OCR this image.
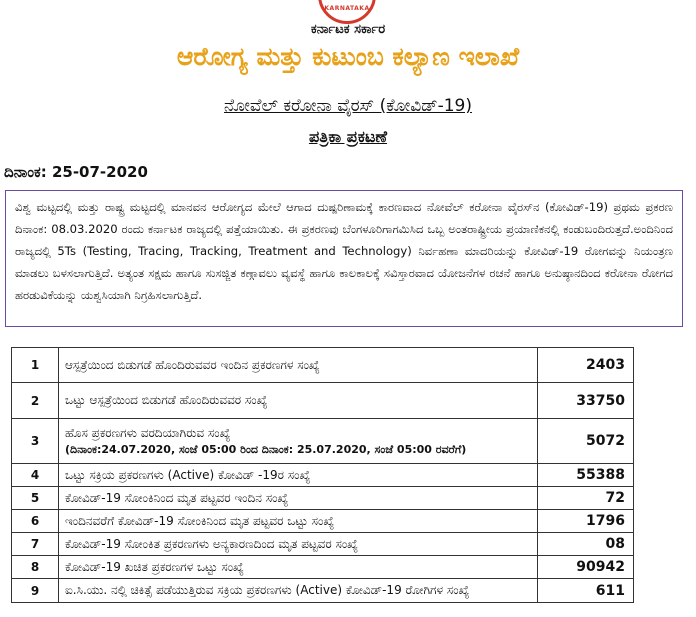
KARNATAKA
ಕರ್ನಾಟಕ ಸರ್ಕಾರ
ಆರೋಗ್ಯ ಮತ್ತು ಕುಟುಂಬ ಕಲ್ಯಾಣ ಇಲಾಖೆ
ನೋವೆಲ್ ಕರೋನಾ ವೈರಸ್ (ಕೋವಿಡ್-19)
ಪತ್ರಿಕಾ ಪ್ರಕಟಣೆ
ದಿನಾಂಕ: 25-07-2020
ವಿಶ್ವ ಮಟ್ಟದಲ್ಲಿ ಮತ್ತು ರಾಷ್ಟ್ರ ಮಟ್ಟದಲ್ಲಿ ಮಾನವನ ಆರೋಗ್ಯದ ಮೇಲೆ ಆಗಾದ ದುಷ್ಪರಿಣಾಮಕ್ಕೆ ಕಾರಣವಾದ ನೋವೆಲ್ ಕರೋನಾ ವೈರಸ್‌ನ (ಕೋವಿಡ್-19) ಪ್ರಥಮ ಪ್ರಕರಣ ದಿನಾಂಕ: 08.03.2020 ರಂದು ಕರ್ನಾಟಕ ರಾಜ್ಯದಲ್ಲಿ ಪತ್ತೆಯಾಯಿತು. ಈ ಪ್ರಕರಣವು ಬೆಂಗಳೂರಿಗಾಗಮಿಸಿದ ಒಬ್ಬ ಅಂತರಾಷ್ಟ್ರೀಯ ಪ್ರಯಾಣಿಕನಲ್ಲಿ ಕಂಡುಬಂದಿರುತ್ತದೆ.ಅಂದಿನಿಂದ ರಾಜ್ಯದಲ್ಲಿ 5Ts (Testing, Tracing, Tracking, Treatment and Technology) ನಿರ್ವಹಣಾ ಮಾದರಿಯನ್ನು ಕೋವಿಡ್-19 ರೋಗವನ್ನು ನಿಯಂತ್ರಣ ಮಾಡಲು ಬಳಸಲಾಗುತ್ತಿದೆ. ಅತ್ಯಂತ ಸಕ್ಷಮ ಹಾಗೂ ಸುಸಜ್ಜಿತ ಕಣ್ಗಾವಲು ವ್ಯವಸ್ಥೆ ಹಾಗೂ ಕಾಲಕಾಲಕ್ಕೆ ಸವಿಸ್ತಾರವಾದ ಯೋಜನೆಗಳ ರಚನೆ ಹಾಗೂ ಅನುಷ್ಠಾನದಿಂದ ಕರೋನಾ ರೋಗದ ಹರಡುವಿಕೆಯನ್ನು ಯಶ್ವಸಿಯಾಗಿ ನಿಗ್ರಹಿಸಲಾಗುತ್ತಿದೆ.
1	ಆಸ್ಪತ್ರೆಯಿಂದ ಬಿಡುಗಡೆ ಹೊಂದಿರುವವರ ಇಂದಿನ ಪ್ರಕರಣಗಳ ಸಂಖ್ಯೆ	2403
2	ಒಟ್ಟು ಆಸ್ಪತ್ರೆಯಿಂದ ಬಿಡುಗಡೆ ಹೊಂದಿರುವವರ ಸಂಖ್ಯೆ	33750
3	ಹೊಸ ಪ್ರಕರಣಗಳು ವರದಿಯಾಗಿರುವ ಸಂಖ್ಯೆ
(ದಿನಾಂಕ:24.07.2020, ಸಂಜೆ 05:00 ರಿಂದ ದಿನಾಂಕ: 25.07.2020, ಸಂಜೆ 05:00 ರವರೆಗೆ)	5072
4	ಒಟ್ಟು ಸಕ್ರಿಯ ಪ್ರಕರಣಗಳು (Active) ಕೋವಿಡ್ -19ರ ಸಂಖ್ಯೆ	55388
5	ಕೋವಿಡ್-19 ಸೋಂಕಿನಿಂದ ಮೃತ ಪಟ್ಟವರ ಇಂದಿನ ಸಂಖ್ಯೆ	72
6	ಇಂದಿನವರೆಗೆ ಕೋವಿಡ್-19 ಸೋಂಕಿನಿಂದ ಮೃತ ಪಟ್ಟವರ ಒಟ್ಟು ಸಂಖ್ಯೆ	1796
7	ಕೋವಿಡ್-19 ಸೋಂಕಿತ ಪ್ರಕರಣಗಳು ಅನ್ಯಕಾರಣದಿಂದ ಮೃತ ಪಟ್ಟವರ ಸಂಖ್ಯೆ	08
8	ಕೋವಿಡ್-19 ಖಚಿತ ಪ್ರಕರಣಗಳ ಒಟ್ಟು ಸಂಖ್ಯೆ	90942
9	ಐ.ಸಿ.ಯು. ನಲ್ಲಿ ಚಿಕಿತ್ಸೆ ಪಡೆಯುತ್ತಿರುವ ಸಕ್ರಿಯ ಪ್ರಕರಣಗಳು (Active) ಕೋವಿಡ್-19 ರೋಗಿಗಳ ಸಂಖ್ಯೆ	611
